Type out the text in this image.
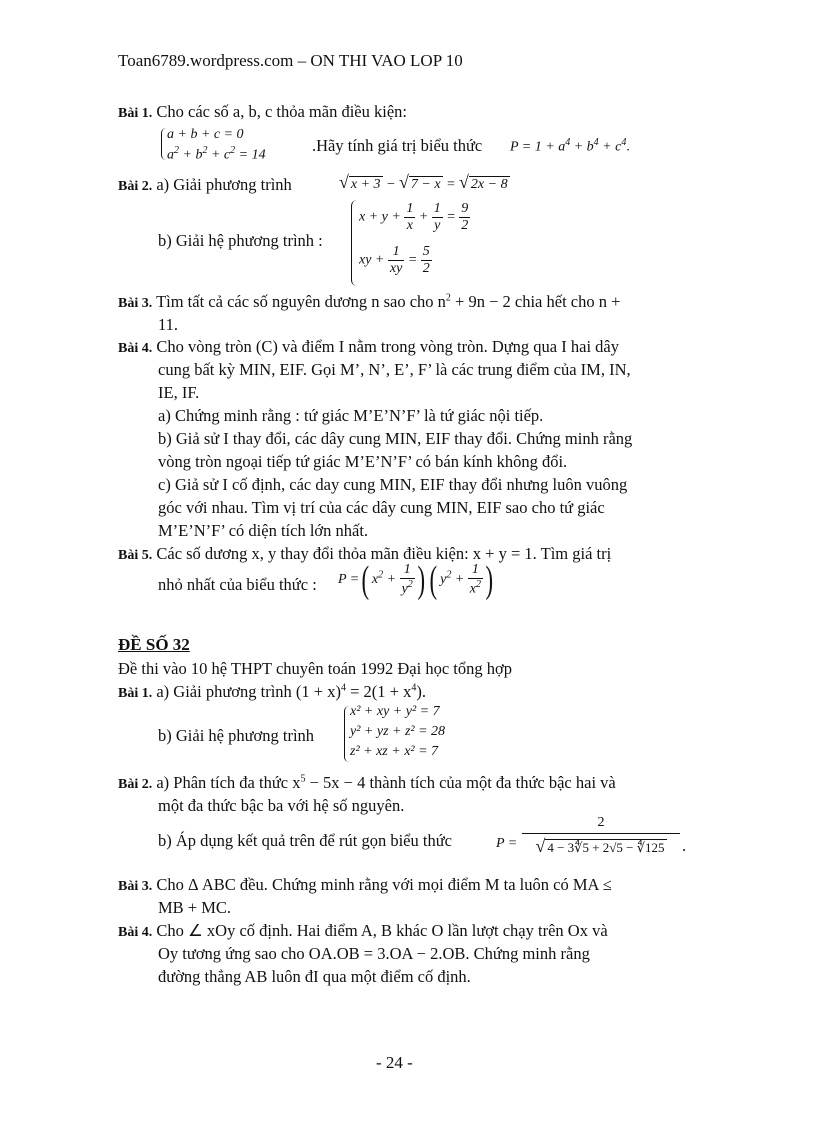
Toan6789.wordpress.com – ON THI VAO LOP 10
Bài 1. Cho các số a, b, c thỏa mãn điều kiện:
a + b + c = 0
$a^2 + b^2 + c^2 = 14$
.Hãy tính giá trị biểu thức $P = 1 + a^4 + b^4 + c^4$.
Bài 2. a) Giải phương trình	√ x + 3 − √ 7 − x = √ 2x − 8
b) Giải hệ phương trình :
$x + y + \frac{1}{x} + \frac{1}{y} = \frac{9}{2}$
xy + $\frac{1}{xy} = \frac{5}{2}$
Bài 3. Tìm tất cả các số nguyên dương n sao cho $n^2 + 9n - 2$ chia hết cho n +
11.
Bài 4. Cho vòng tròn (C) và điểm I nằm trong vòng tròn. Dựng qua I hai dây
cung bất kỳ MIN, EIF. Gọi M’, N’, E’, F’ là các trung điểm của IM, IN,
IE, IF.
a) Chứng minh rằng : tứ giác M’E’N’F’ là tứ giác nội tiếp.
b) Giả sử I thay đổi, các dây cung MIN, EIF thay đổi. Chứng minh rằng
vòng tròn ngoại tiếp tứ giác M’E’N’F’ có bán kính không đổi.
c) Giả sử I cố định, các day cung MIN, EIF thay đổi nhưng luôn vuông
góc với nhau. Tìm vị trí của các dây cung MIN, EIF sao cho tứ giác
M’E’N’F’ có diện tích lớn nhất.
Bài 5. Các số dương x, y thay đổi thỏa mãn điều kiện: x + y = 1. Tìm giá trị
nhỏ nhất của biểu thức : P =( $x^2 + \frac{1}{y^2}$ ) ( $y^2 + \frac{1}{x^2}$ )
ĐỀ SỐ 32
Đề thi vào 10 hệ THPT chuyên toán 1992 Đại học tổng hợp
Bài 1. a) Giải phương trình $(1 + x)^4 = 2(1 + x^4)$.
b) Giải hệ phương trình
x² + xy + y² = 7
y² + yz + z² = 28
z² + xz + x² = 7
Bài 2. a) Phân tích đa thức $x^5 - 5x - 4$ thành tích của một đa thức bậc hai và
một đa thức bậc ba với hệ số nguyên.
b) Áp dụng kết quả trên để rút gọn biểu thức	P =
2
√ 4 − 3∜5 + 2√5 − ∜125	.
Bài 3. Cho Δ ABC đều. Chứng minh rằng với mọi điểm M ta luôn có MA ≤
MB + MC.
Bài 4. Cho ∠ xOy cố định. Hai điểm A, B khác O lần lượt chạy trên Ox và
Oy tương ứng sao cho OA.OB = 3.OA − 2.OB. Chứng minh rằng
đường thẳng AB luôn đI qua một điểm cố định.
- 24 -
